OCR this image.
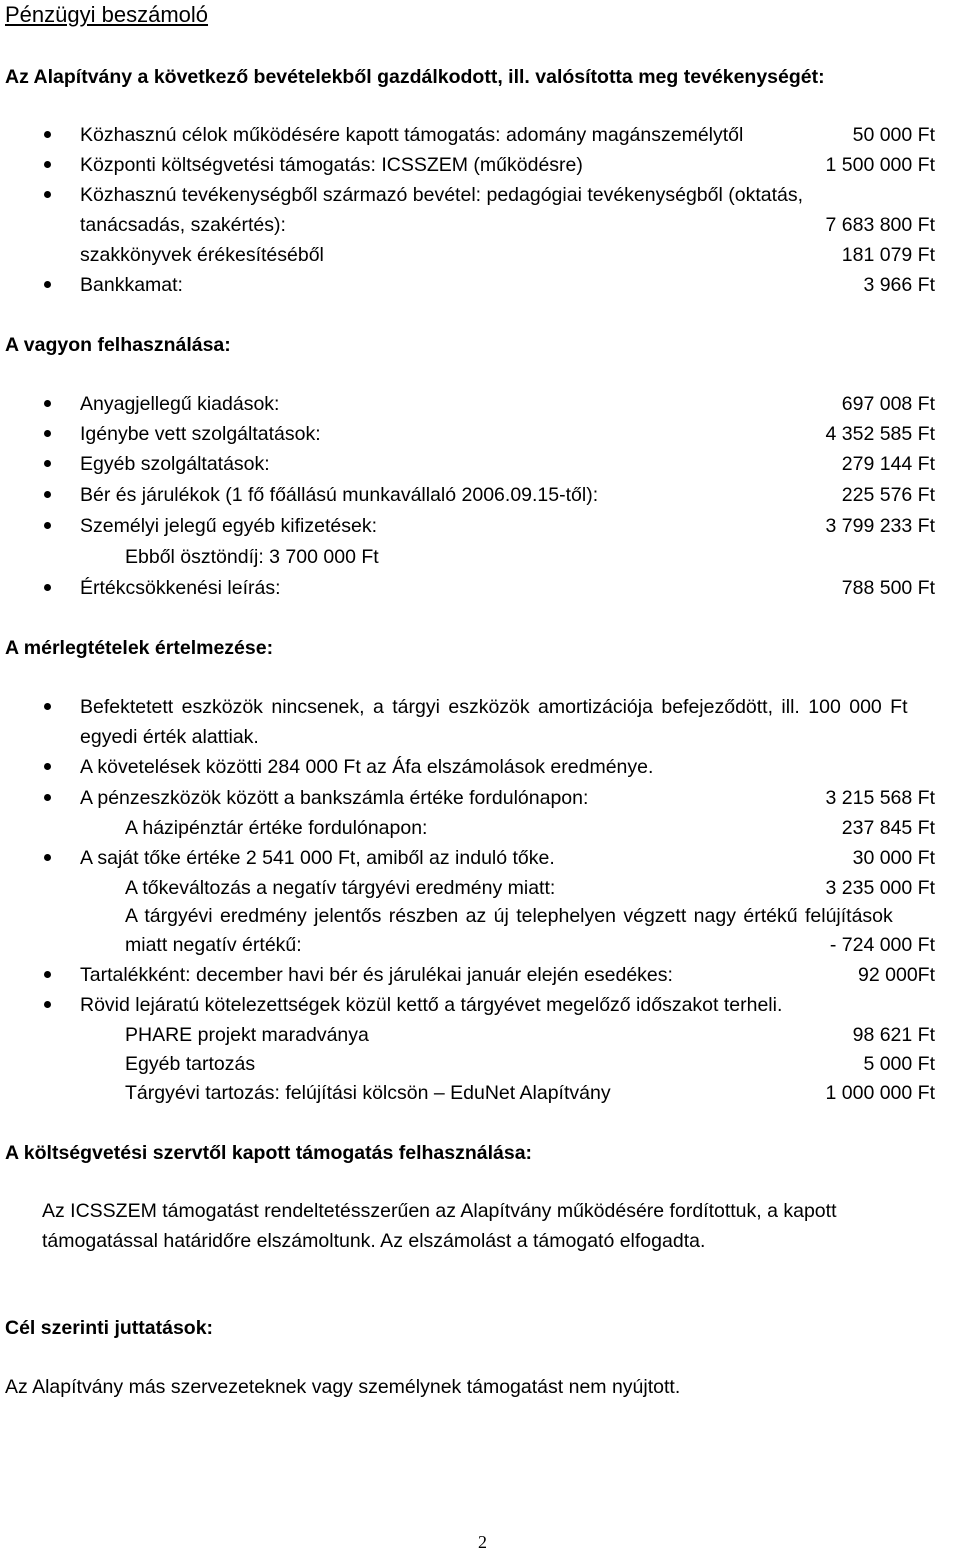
Pénzügyi beszámoló
Az Alapítvány a következő bevételekből gazdálkodott, ill. valósította meg tevékenységét:
Közhasznú célok működésére kapott támogatás: adomány magánszemélytől	50 000 Ft
Központi költségvetési támogatás: ICSSZEM (működésre)	1 500 000 Ft
Közhasznú tevékenységből származó bevétel: pedagógiai tevékenységből (oktatás,
tanácsadás, szakértés):	7 683 800 Ft
szakkönyvek érékesítéséből	181 079 Ft
Bankkamat:	3 966 Ft
A vagyon felhasználása:
Anyagjellegű kiadások:	697 008 Ft
Igénybe vett szolgáltatások:	4 352 585 Ft
Egyéb szolgáltatások:	279 144 Ft
Bér és járulékok (1 fő főállású munkavállaló 2006.09.15-től):	225 576 Ft
Személyi jelegű egyéb kifizetések:	3 799 233 Ft
Ebből ösztöndíj: 3 700 000 Ft
Értékcsökkenési leírás:	788 500 Ft
A mérlegtételek értelmezése:
Befektetett eszközök nincsenek, a tárgyi eszközök amortizációja befejeződött, ill. 100 000 Ft
egyedi érték alattiak.
A követelések közötti 284 000 Ft az Áfa elszámolások eredménye.
A pénzeszközök között a bankszámla értéke fordulónapon:	3 215 568 Ft
A házipénztár értéke fordulónapon:	237 845 Ft
A saját tőke értéke 2 541 000 Ft, amiből az induló tőke.	30 000 Ft
A tőkeváltozás a negatív tárgyévi eredmény miatt:	3 235 000 Ft
A tárgyévi eredmény jelentős részben az új telephelyen végzett nagy értékű felújítások
miatt negatív értékű:	- 724 000 Ft
Tartalékként: december havi bér és járulékai január elején esedékes:	92 000Ft
Rövid lejáratú kötelezettségek közül kettő a tárgyévet megelőző időszakot terheli.
PHARE projekt maradványa	98 621 Ft
Egyéb tartozás	5 000 Ft
Tárgyévi tartozás: felújítási kölcsön – EduNet Alapítvány	1 000 000 Ft
A költségvetési szervtől kapott támogatás felhasználása:
Az ICSSZEM támogatást rendeltetésszerűen az Alapítvány működésére fordítottuk, a kapott
támogatással határidőre elszámoltunk. Az elszámolást a támogató elfogadta.
Cél szerinti juttatások:
Az Alapítvány más szervezeteknek vagy személynek támogatást nem nyújtott.
2
